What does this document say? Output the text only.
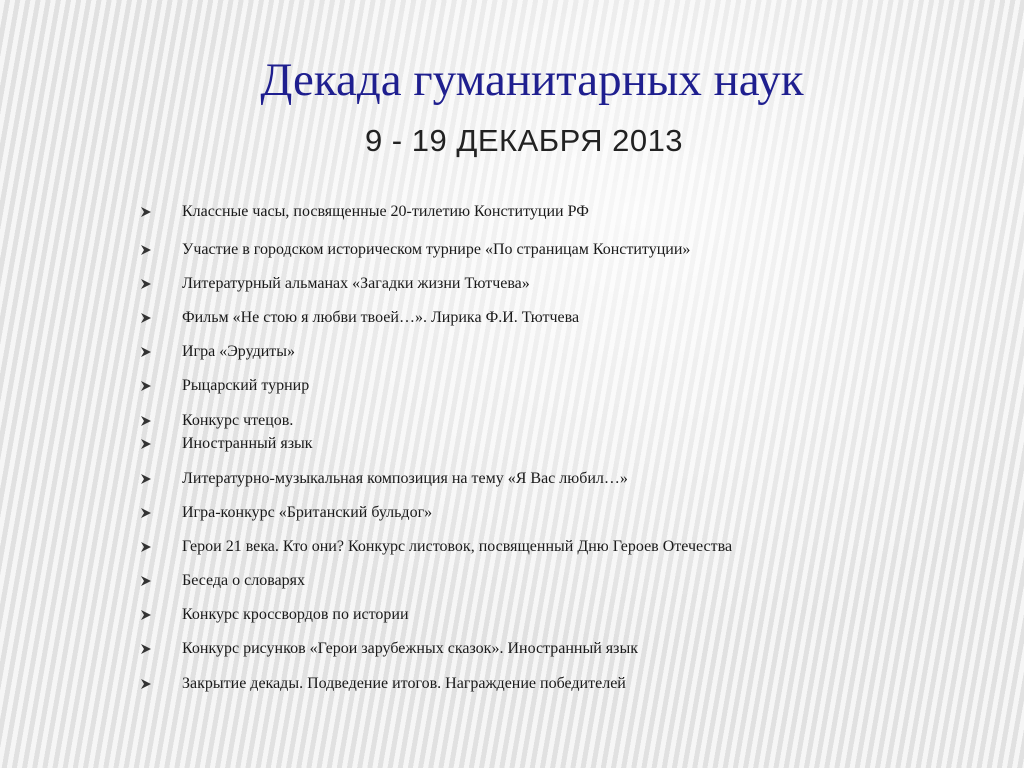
Декада гуманитарных наук
9 - 19 ДЕКАБРЯ 2013
Классные часы, посвященные 20-тилетию Конституции РФ
Участие в городском историческом турнире «По страницам Конституции»
Литературный альманах «Загадки жизни Тютчева»
Фильм «Не стою я любви твоей…». Лирика Ф.И. Тютчева
Игра «Эрудиты»
Рыцарский турнир
Конкурс чтецов.
Иностранный язык
Литературно-музыкальная композиция на тему «Я Вас любил…»
Игра-конкурс «Британский бульдог»
Герои 21 века. Кто они? Конкурс листовок, посвященный Дню Героев Отечества
Беседа о словарях
Конкурс кроссвордов по истории
Конкурс рисунков «Герои зарубежных сказок». Иностранный язык
Закрытие декады. Подведение итогов. Награждение победителей
